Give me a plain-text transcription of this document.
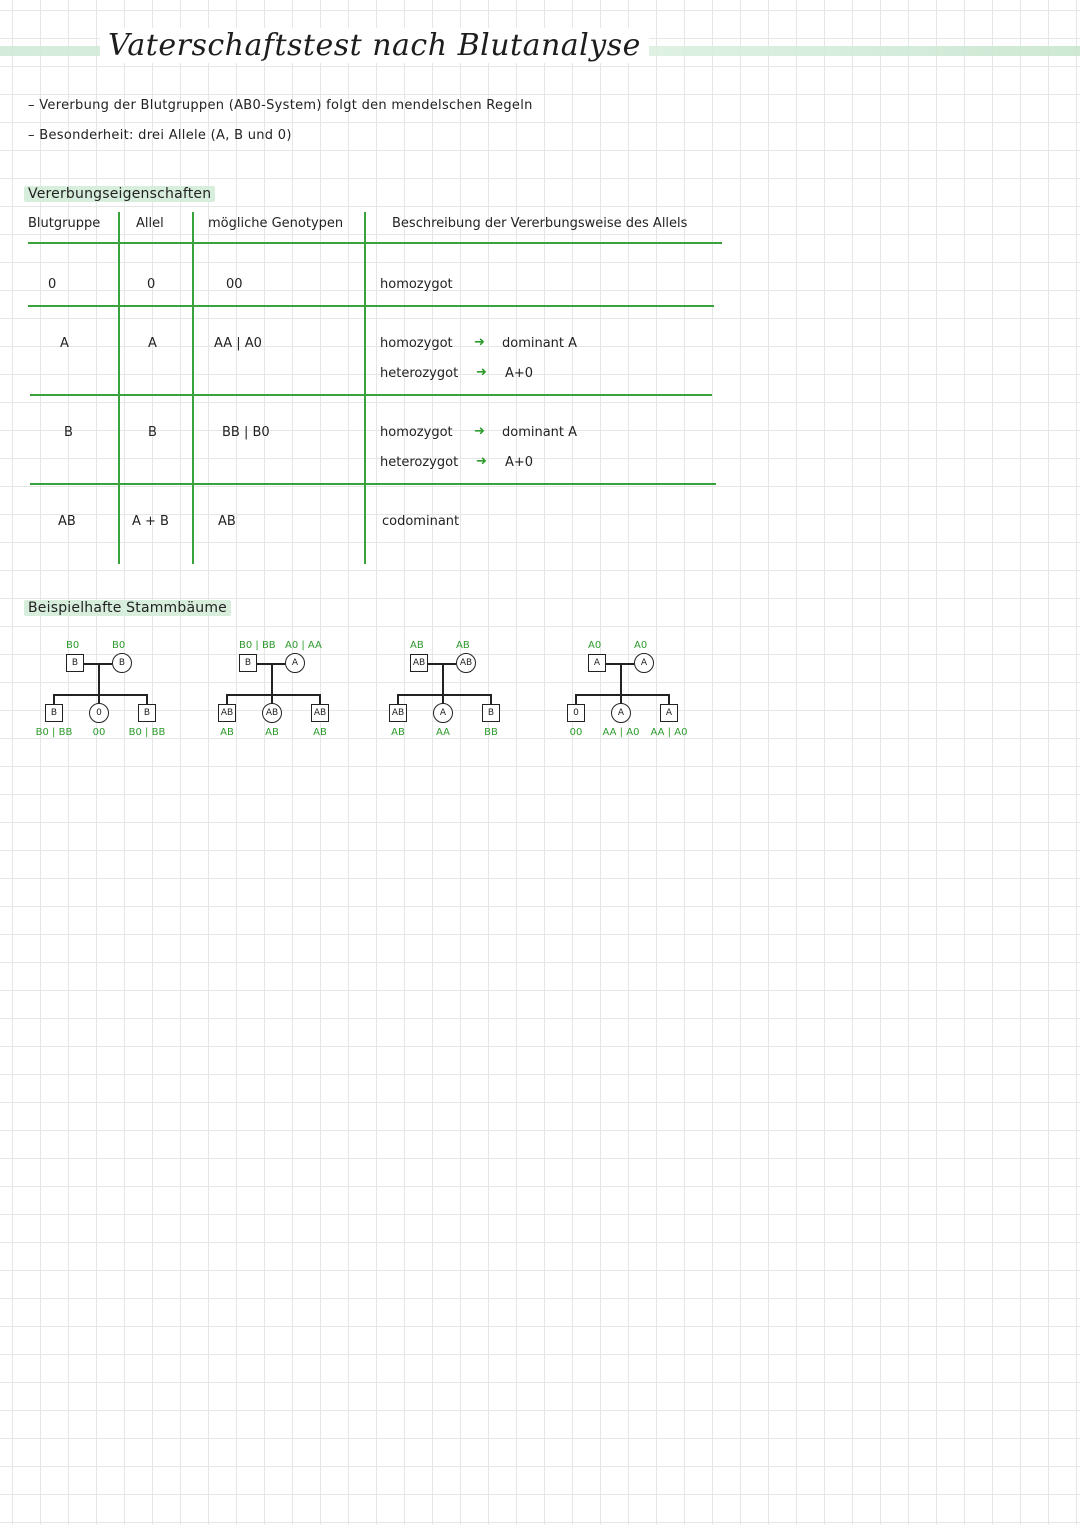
Vaterschaftstest nach Blutanalyse
– Vererbung der Blutgruppen (AB0-System) folgt den mendelschen Regeln
– Besonderheit: drei Allele (A, B und 0)
Vererbungseigenschaften
Blutgruppe	Allel	mögliche Genotypen	Beschreibung der Vererbungsweise des Allels
0	0	00	homozygot
A	A	AA | A0	homozygot ➜ dominant A
heterozygot ➜ A+0
B	B	BB | B0	homozygot ➜ dominant A
heterozygot ➜ A+0
AB	A + B	AB	codominant
Beispielhafte Stammbäume
B0	B0
B	B
B
B0 | BB
0
00
B
B0 | BB
B0 | BB A0 | AA
B	A
AB
AB
AB
AB
AB
AB
AB	AB
AB	AB
AB
AB
A
AA
B
BB
A0	A0
A	A
0
00
A
AA | A0
A
AA | A0
